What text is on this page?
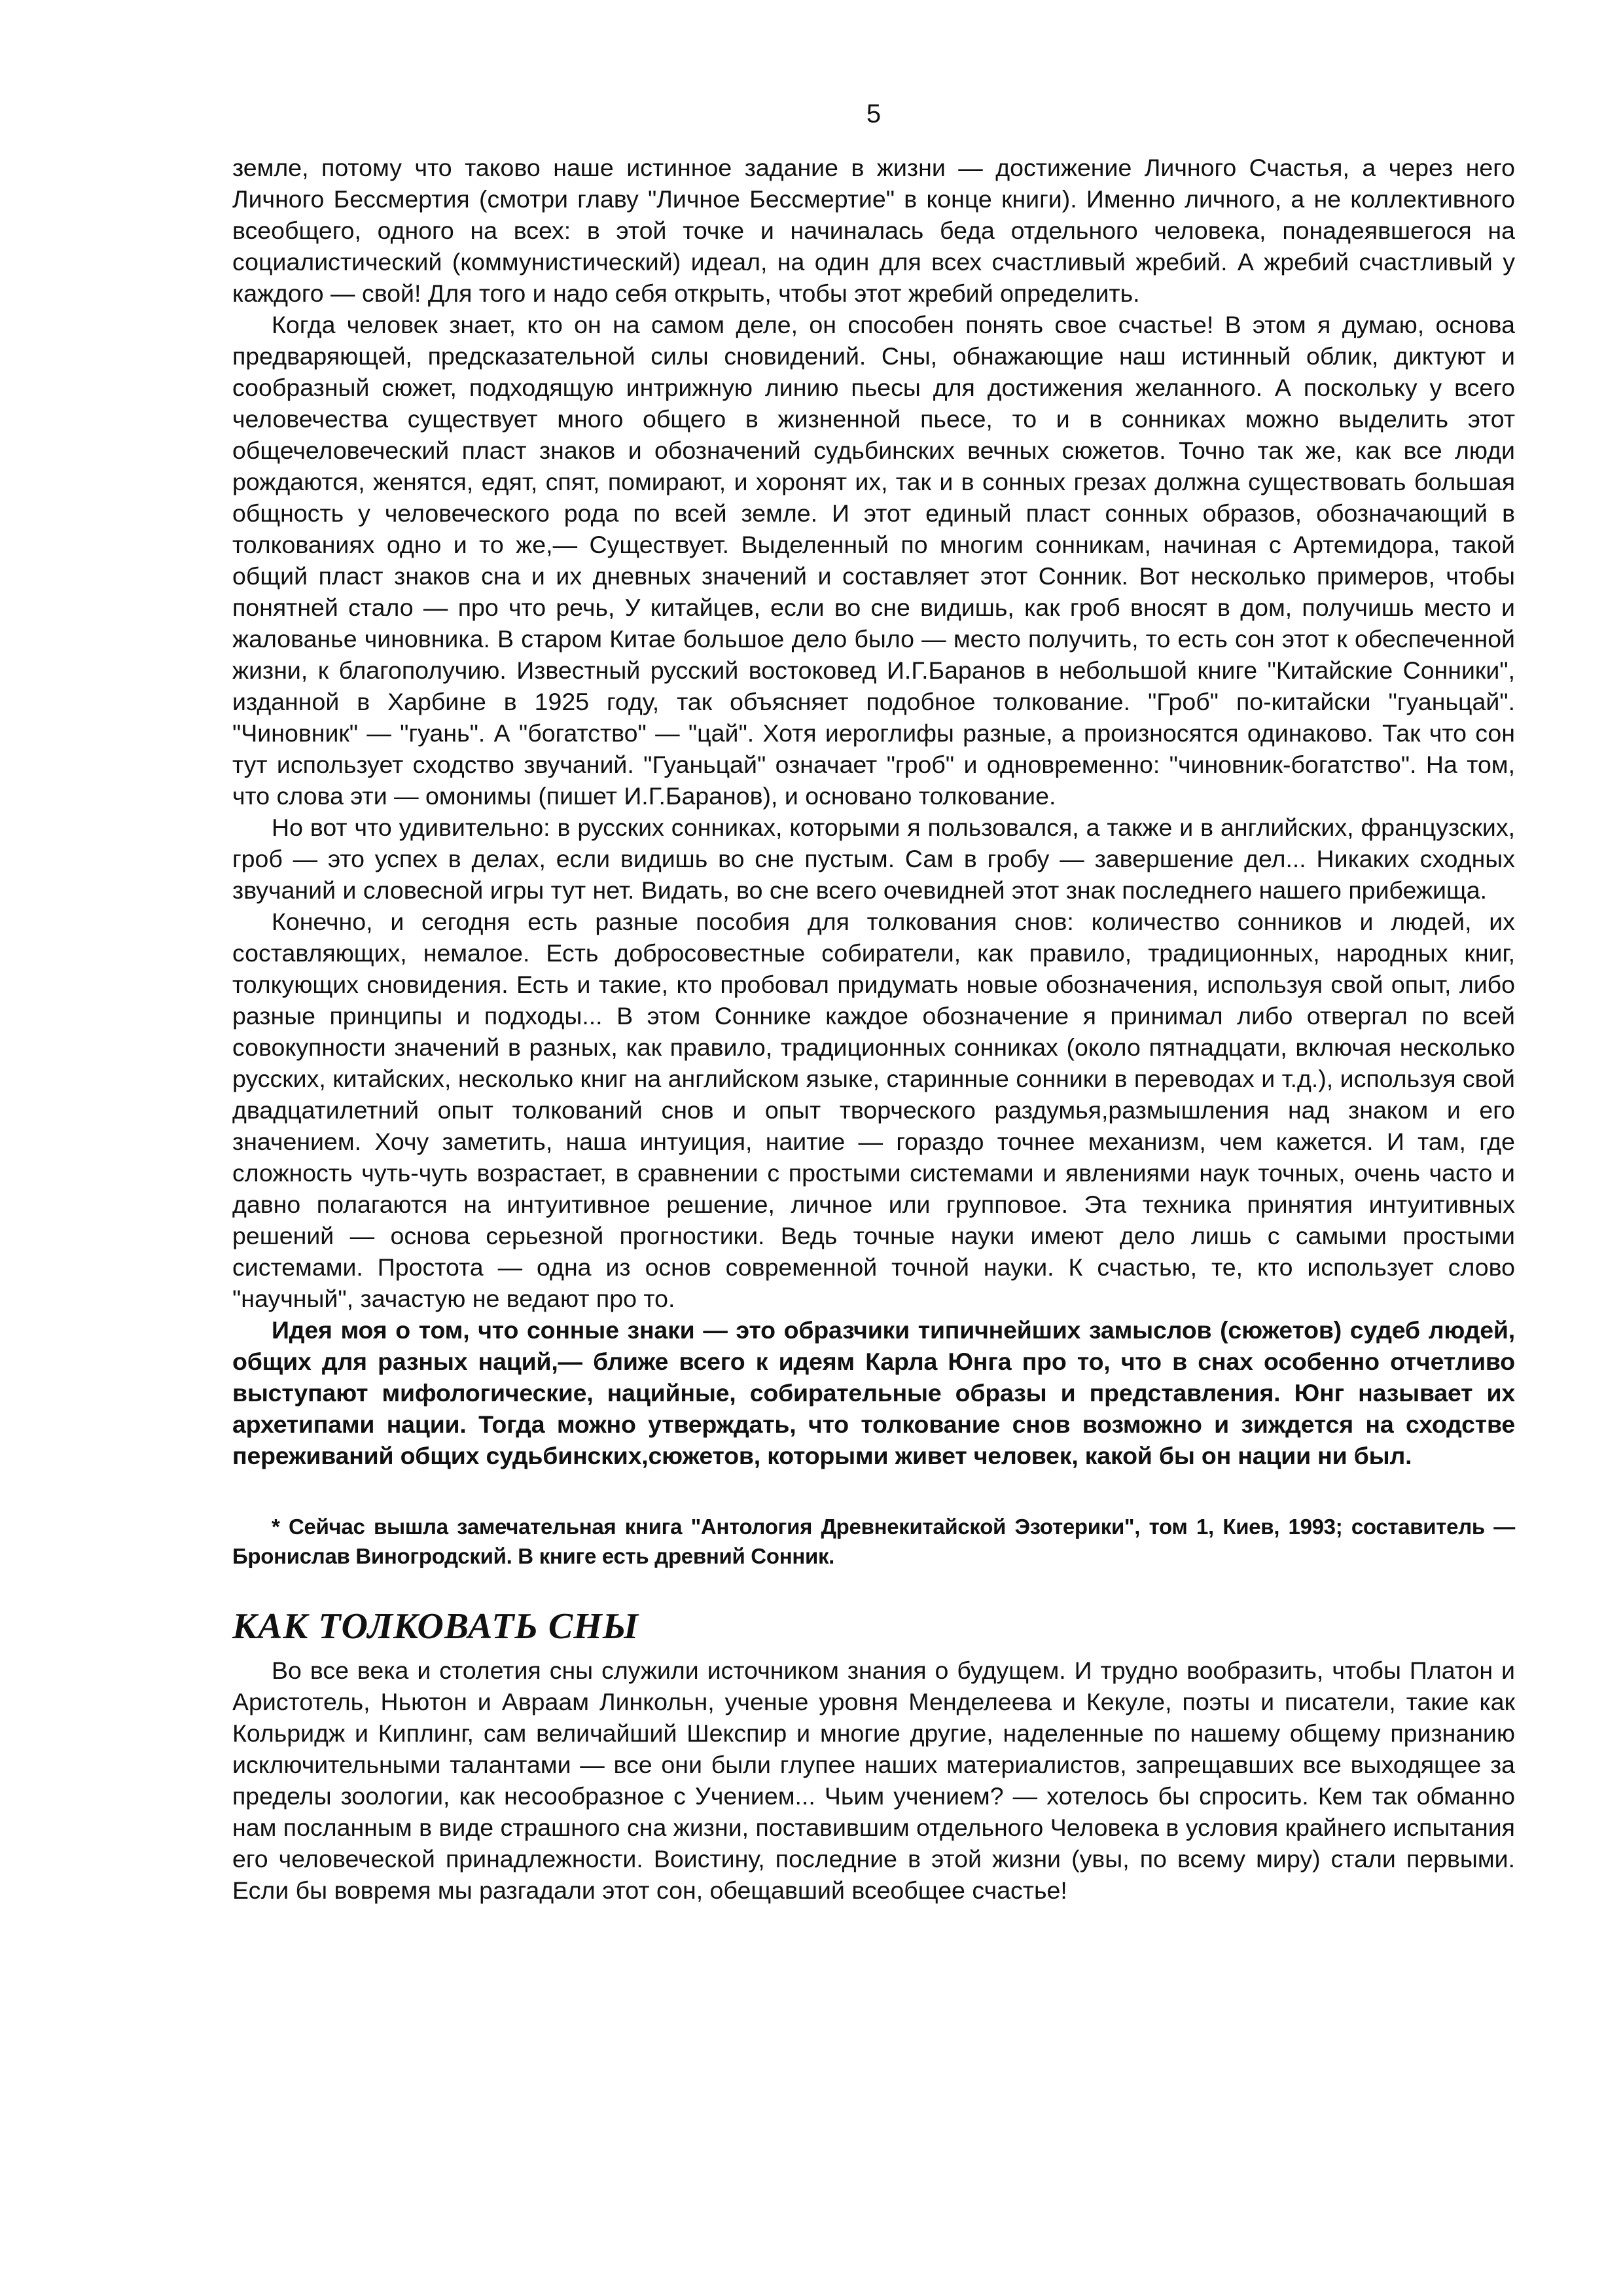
5

земле, потому что таково наше истинное задание в жизни — достижение Личного Счастья, а через него Личного Бессмертия (смотри главу "Личное Бессмертие" в конце книги). Именно личного, а не коллективного всеобщего, одного на всех: в этой точке и начиналась беда отдельного человека, понадеявшегося на социалистический (коммунистический) идеал, на один для всех счастливый жребий. А жребий счастливый у каждого — свой! Для того и надо себя открыть, чтобы этот жребий определить.

Когда человек знает, кто он на самом деле, он способен понять свое счастье! В этом я думаю, основа предваряющей, предсказательной силы сновидений. Сны, обнажающие наш истинный облик, диктуют и сообразный сюжет, подходящую интрижную линию пьесы для достижения желанного. А поскольку у всего человечества существует много общего в жизненной пьесе, то и в сонниках можно выделить этот общечеловеческий пласт знаков и обозначений судьбинских вечных сюжетов. Точно так же, как все люди рождаются, женятся, едят, спят, помирают, и хоронят их, так и в сонных грезах должна существовать большая общность у человеческого рода по всей земле. И этот единый пласт сонных образов, обозначающий в толкованиях одно и то же,— Существует. Выделенный по многим сонникам, начиная с Артемидора, такой общий пласт знаков сна и их дневных значений и составляет этот Сонник. Вот несколько примеров, чтобы понятней стало — про что речь, У китайцев, если во сне видишь, как гроб вносят в дом, получишь место и жалованье чиновника. В старом Китае большое дело было — место получить, то есть сон этот к обеспеченной жизни, к благополучию. Известный русский востоковед И.Г.Баранов в небольшой книге "Китайские Сонники", изданной в Харбине в 1925 году, так объясняет подобное толкование. "Гроб" по-китайски "гуаньцай". "Чиновник" — "гуань". А "богатство" — "цай". Хотя иероглифы разные, а произносятся одинаково. Так что сон тут использует сходство звучаний. "Гуаньцай" означает "гроб" и одновременно: "чиновник-богатство". На том, что слова эти — омонимы (пишет И.Г.Баранов), и основано толкование.

Но вот что удивительно: в русских сонниках, которыми я пользовался, а также и в английских, французских, гроб — это успех в делах, если видишь во сне пустым. Сам в гробу — завершение дел... Никаких сходных звучаний и словесной игры тут нет. Видать, во сне всего очевидней этот знак последнего нашего прибежища.

Конечно, и сегодня есть разные пособия для толкования снов: количество сонников и людей, их составляющих, немалое. Есть добросовестные собиратели, как правило, традиционных, народных книг, толкующих сновидения. Есть и такие, кто пробовал придумать новые обозначения, используя свой опыт, либо разные принципы и подходы... В этом Соннике каждое обозначение я принимал либо отвергал по всей совокупности значений в разных, как правило, традиционных сонниках (около пятнадцати, включая несколько русских, китайских, несколько книг на английском языке, старинные сонники в переводах и т.д.), используя свой двадцатилетний опыт толкований снов и опыт творческого раздумья,размышления над знаком и его значением. Хочу заметить, наша интуиция, наитие — гораздо точнее механизм, чем кажется. И там, где сложность чуть-чуть возрастает, в сравнении с простыми системами и явлениями наук точных, очень часто и давно полагаются на интуитивное решение, личное или групповое. Эта техника принятия интуитивных решений — основа серьезной прогностики. Ведь точные науки имеют дело лишь с самыми простыми системами. Простота — одна из основ современной точной науки. К счастью, те, кто использует слово "научный", зачастую не ведают про то.

Идея моя о том, что сонные знаки — это образчики типичнейших замыслов (сюжетов) судеб людей, общих для разных наций,— ближе всего к идеям Карла Юнга про то, что в снах особенно отчетливо выступают мифологические, нацийные, собирательные образы и представления. Юнг называет их архетипами нации. Тогда можно утверждать, что толкование снов возможно и зиждется на сходстве переживаний общих судьбинских,сюжетов, которыми живет человек, какой бы он нации ни был.

* Сейчас вышла замечательная книга "Антология Древнекитайской Эзотерики", том 1, Киев, 1993; составитель — Бронислав Виногродский. В книге есть древний Сонник.

КАК ТОЛКОВАТЬ СНЫ

Во все века и столетия сны служили источником знания о будущем. И трудно вообразить, чтобы Платон и Аристотель, Ньютон и Авраам Линкольн, ученые уровня Менделеева и Кекуле, поэты и писатели, такие как Кольридж и Киплинг, сам величайший Шекспир и многие другие, наделенные по нашему общему признанию исключительными талантами — все они были глупее наших материалистов, запрещавших все выходящее за пределы зоологии, как несообразное с Учением... Чьим учением? — хотелось бы спросить. Кем так обманно нам посланным в виде страшного сна жизни, поставившим отдельного Человека в условия крайнего испытания его человеческой принадлежности. Воистину, последние в этой жизни (увы, по всему миру) стали первыми. Если бы вовремя мы разгадали этот сон, обещавший всеобщее счастье!
